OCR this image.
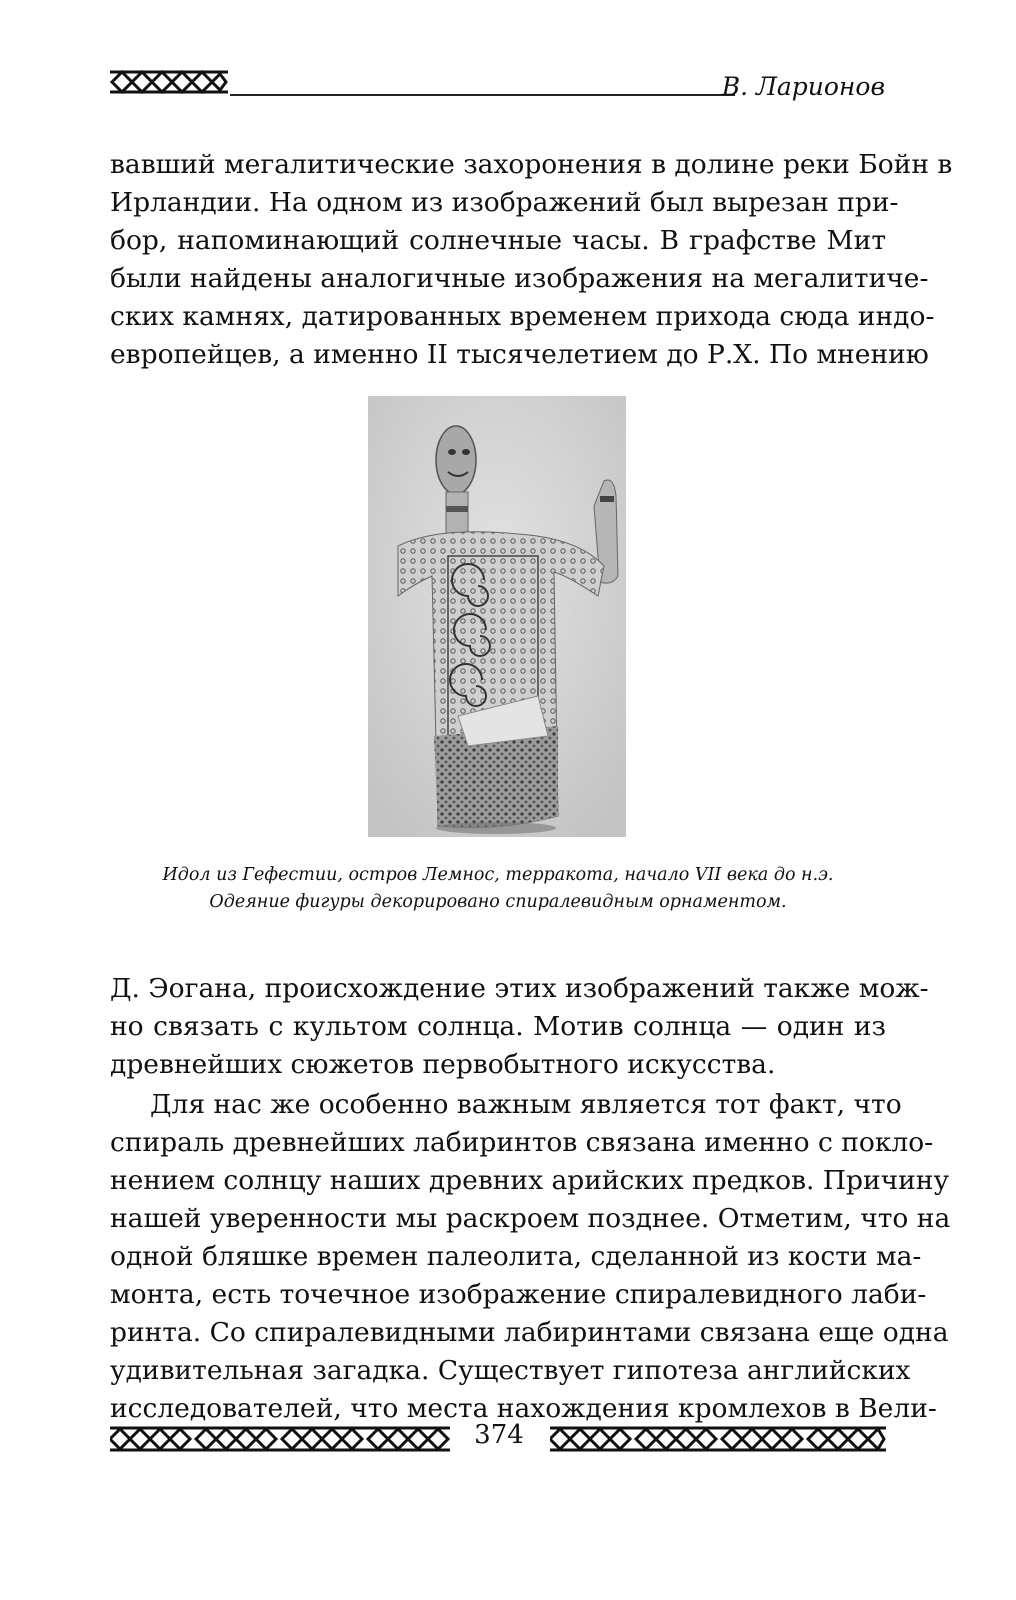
В. Ларионов
вавший мегалитические захоронения в долине реки Бойн в
Ирландии. На одном из изображений был вырезан при-
бор, напоминающий солнечные часы. В графстве Мит
были найдены аналогичные изображения на мегалитиче-
ских камнях, датированных временем прихода сюда индо-
европейцев, а именно II тысячелетием до Р.Х. По мнению
Идол из Гефестии, остров Лемнос, терракота, начало VII века до н.э.
Одеяние фигуры декорировано спиралевидным орнаментом.
Д. Эогана, происхождение этих изображений также мож-
но связать с культом солнца. Мотив солнца — один из
древнейших сюжетов первобытного искусства.
Для нас же особенно важным является тот факт, что
спираль древнейших лабиринтов связана именно с покло-
нением солнцу наших древних арийских предков. Причину
нашей уверенности мы раскроем позднее. Отметим, что на
одной бляшке времен палеолита, сделанной из кости ма-
монта, есть точечное изображение спиралевидного лаби-
ринта. Со спиралевидными лабиринтами связана еще одна
удивительная загадка. Существует гипотеза английских
исследователей, что места нахождения кромлехов в Вели-
374
